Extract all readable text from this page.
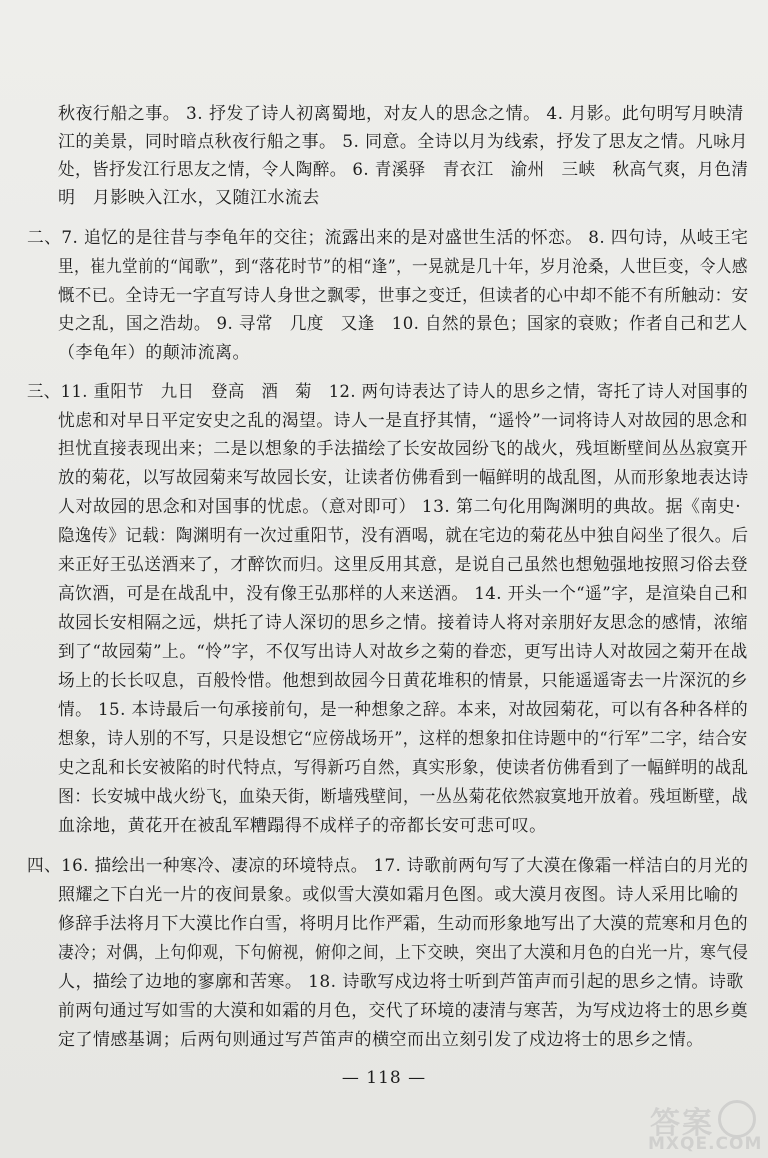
秋夜行船之事。 3. 抒发了诗人初离蜀地，对友人的思念之情。 4. 月影。此句明写月映清
江的美景，同时暗点秋夜行船之事。 5. 同意。全诗以月为线索，抒发了思友之情。凡咏月
处，皆抒发江行思友之情，令人陶醉。 6. 青溪驿　青衣江　渝州　三峡　秋高气爽，月色清
明　月影映入江水，又随江水流去
二、7. 追忆的是往昔与李龟年的交往；流露出来的是对盛世生活的怀恋。 8. 四句诗，从岐王宅
里，崔九堂前的“闻歌”，到“落花时节”的相“逢”，一晃就是几十年，岁月沧桑，人世巨变，令人感
慨不已。全诗无一字直写诗人身世之飘零，世事之变迁，但读者的心中却不能不有所触动：安
史之乱，国之浩劫。 9. 寻常　几度　又逢　10. 自然的景色；国家的衰败；作者自己和艺人
（李龟年）的颠沛流离。
三、11. 重阳节　九日　登高　酒　菊　12. 两句诗表达了诗人的思乡之情，寄托了诗人对国事的
忧虑和对早日平定安史之乱的渴望。诗人一是直抒其情，“遥怜”一词将诗人对故园的思念和
担忧直接表现出来；二是以想象的手法描绘了长安故园纷飞的战火，残垣断壁间丛丛寂寞开
放的菊花，以写故园菊来写故园长安，让读者仿佛看到一幅鲜明的战乱图，从而形象地表达诗
人对故园的思念和对国事的忧虑。（意对即可） 13. 第二句化用陶渊明的典故。据《南史·
隐逸传》记载：陶渊明有一次过重阳节，没有酒喝，就在宅边的菊花丛中独自闷坐了很久。后
来正好王弘送酒来了，才醉饮而归。这里反用其意，是说自己虽然也想勉强地按照习俗去登
高饮酒，可是在战乱中，没有像王弘那样的人来送酒。 14. 开头一个“遥”字，是渲染自己和
故园长安相隔之远，烘托了诗人深切的思乡之情。接着诗人将对亲朋好友思念的感情，浓缩
到了“故园菊”上。“怜”字，不仅写出诗人对故乡之菊的眷恋，更写出诗人对故园之菊开在战
场上的长长叹息，百般怜惜。他想到故园今日黄花堆积的情景，只能遥遥寄去一片深沉的乡
情。 15. 本诗最后一句承接前句，是一种想象之辞。本来，对故园菊花，可以有各种各样的
想象，诗人别的不写，只是设想它“应傍战场开”，这样的想象扣住诗题中的“行军”二字，结合安
史之乱和长安被陷的时代特点，写得新巧自然，真实形象，使读者仿佛看到了一幅鲜明的战乱
图：长安城中战火纷飞，血染天街，断墙残壁间，一丛丛菊花依然寂寞地开放着。残垣断壁，战
血涂地，黄花开在被乱军糟蹋得不成样子的帝都长安可悲可叹。
四、16. 描绘出一种寒冷、凄凉的环境特点。 17. 诗歌前两句写了大漠在像霜一样洁白的月光的
照耀之下白光一片的夜间景象。或似雪大漠如霜月色图。或大漠月夜图。诗人采用比喻的
修辞手法将月下大漠比作白雪，将明月比作严霜，生动而形象地写出了大漠的荒寒和月色的
凄冷；对偶，上句仰观，下句俯视，俯仰之间，上下交映，突出了大漠和月色的白光一片，寒气侵
人，描绘了边地的寥廓和苦寒。 18. 诗歌写戍边将士听到芦笛声而引起的思乡之情。诗歌
前两句通过写如雪的大漠和如霜的月色，交代了环境的凄清与寒苦，为写戍边将士的思乡奠
定了情感基调；后两句则通过写芦笛声的横空而出立刻引发了戍边将士的思乡之情。
— 118 —
答案
MXQE.COM
